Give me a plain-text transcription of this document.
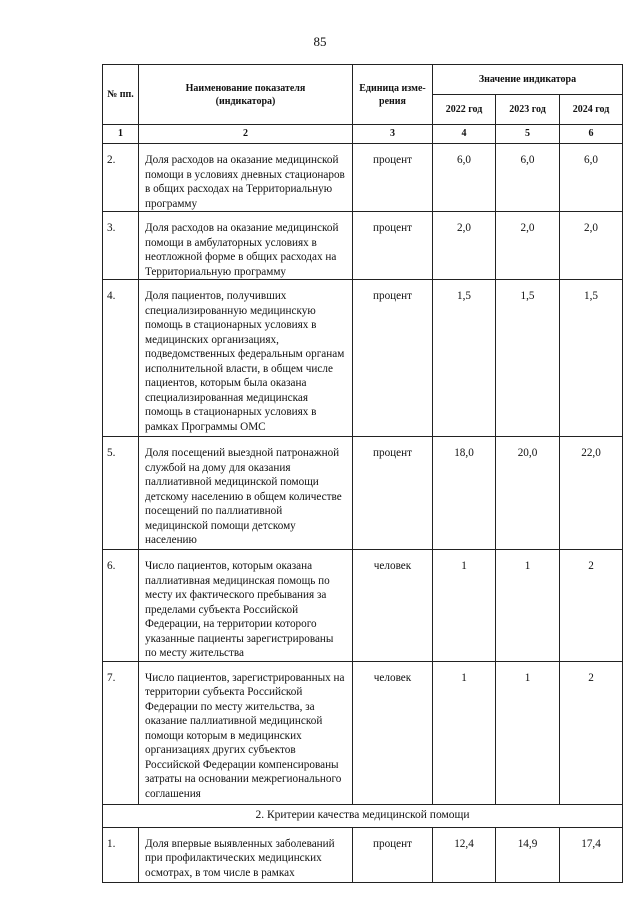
85
№ пп.	Наименование показателя (индикатора)	Единица изме-рения	Значение индикатора		
			2022 год	2023 год	2024 год
1	2	3	4	5	6
2.	Доля расходов на оказание медицинской помощи в условиях дневных стационаров в общих расходах на Территориальную программу	процент	6,0	6,0	6,0
3.	Доля расходов на оказание медицинской помощи в амбулаторных условиях в неотложной форме в общих расходах на Территориальную программу	процент	2,0	2,0	2,0
4.	Доля пациентов, получивших специализированную медицинскую помощь в стационарных условиях в медицинских организациях, подведомственных федеральным органам исполнительной власти, в общем числе пациентов, которым была оказана специализированная медицинская помощь в стационарных условиях в рамках Программы ОМС	процент	1,5	1,5	1,5
5.	Доля посещений выездной патронажной службой на дому для оказания паллиативной медицинской помощи детскому населению в общем количестве посещений по паллиативной медицинской помощи детскому населению	процент	18,0	20,0	22,0
6.	Число пациентов, которым оказана паллиативная медицинская помощь по месту их фактического пребывания за пределами субъекта Российской Федерации, на территории которого указанные пациенты зарегистрированы по месту жительства	человек	1	1	2
7.	Число пациентов, зарегистрированных на территории субъекта Российской Федерации по месту жительства, за оказание паллиативной медицинской помощи которым в медицинских организациях других субъектов Российской Федерации компенсированы затраты на основании межрегионального соглашения	человек	1	1	2
2. Критерии качества медицинской помощи					
1.	Доля впервые выявленных заболеваний при профилактических медицинских осмотрах, в том числе в рамках	процент	12,4	14,9	17,4
